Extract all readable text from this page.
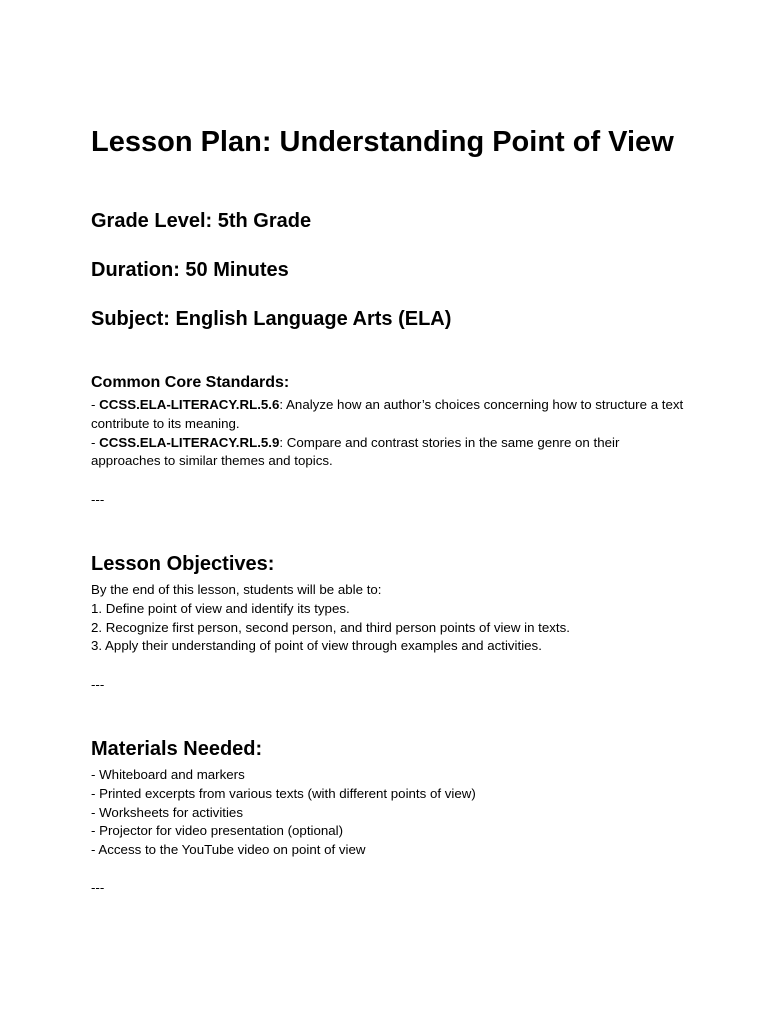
Lesson Plan: Understanding Point of View

Grade Level: 5th Grade

Duration: 50 Minutes

Subject: English Language Arts (ELA)

Common Core Standards:

- CCSS.ELA-LITERACY.RL.5.6: Analyze how an author’s choices concerning how to structure a text contribute to its meaning.

- CCSS.ELA-LITERACY.RL.5.9: Compare and contrast stories in the same genre on their approaches to similar themes and topics.

---

Lesson Objectives:

By the end of this lesson, students will be able to:

1. Define point of view and identify its types.

2. Recognize first person, second person, and third person points of view in texts.

3. Apply their understanding of point of view through examples and activities.

---

Materials Needed:

- Whiteboard and markers

- Printed excerpts from various texts (with different points of view)

- Worksheets for activities

- Projector for video presentation (optional)

- Access to the YouTube video on point of view

---
